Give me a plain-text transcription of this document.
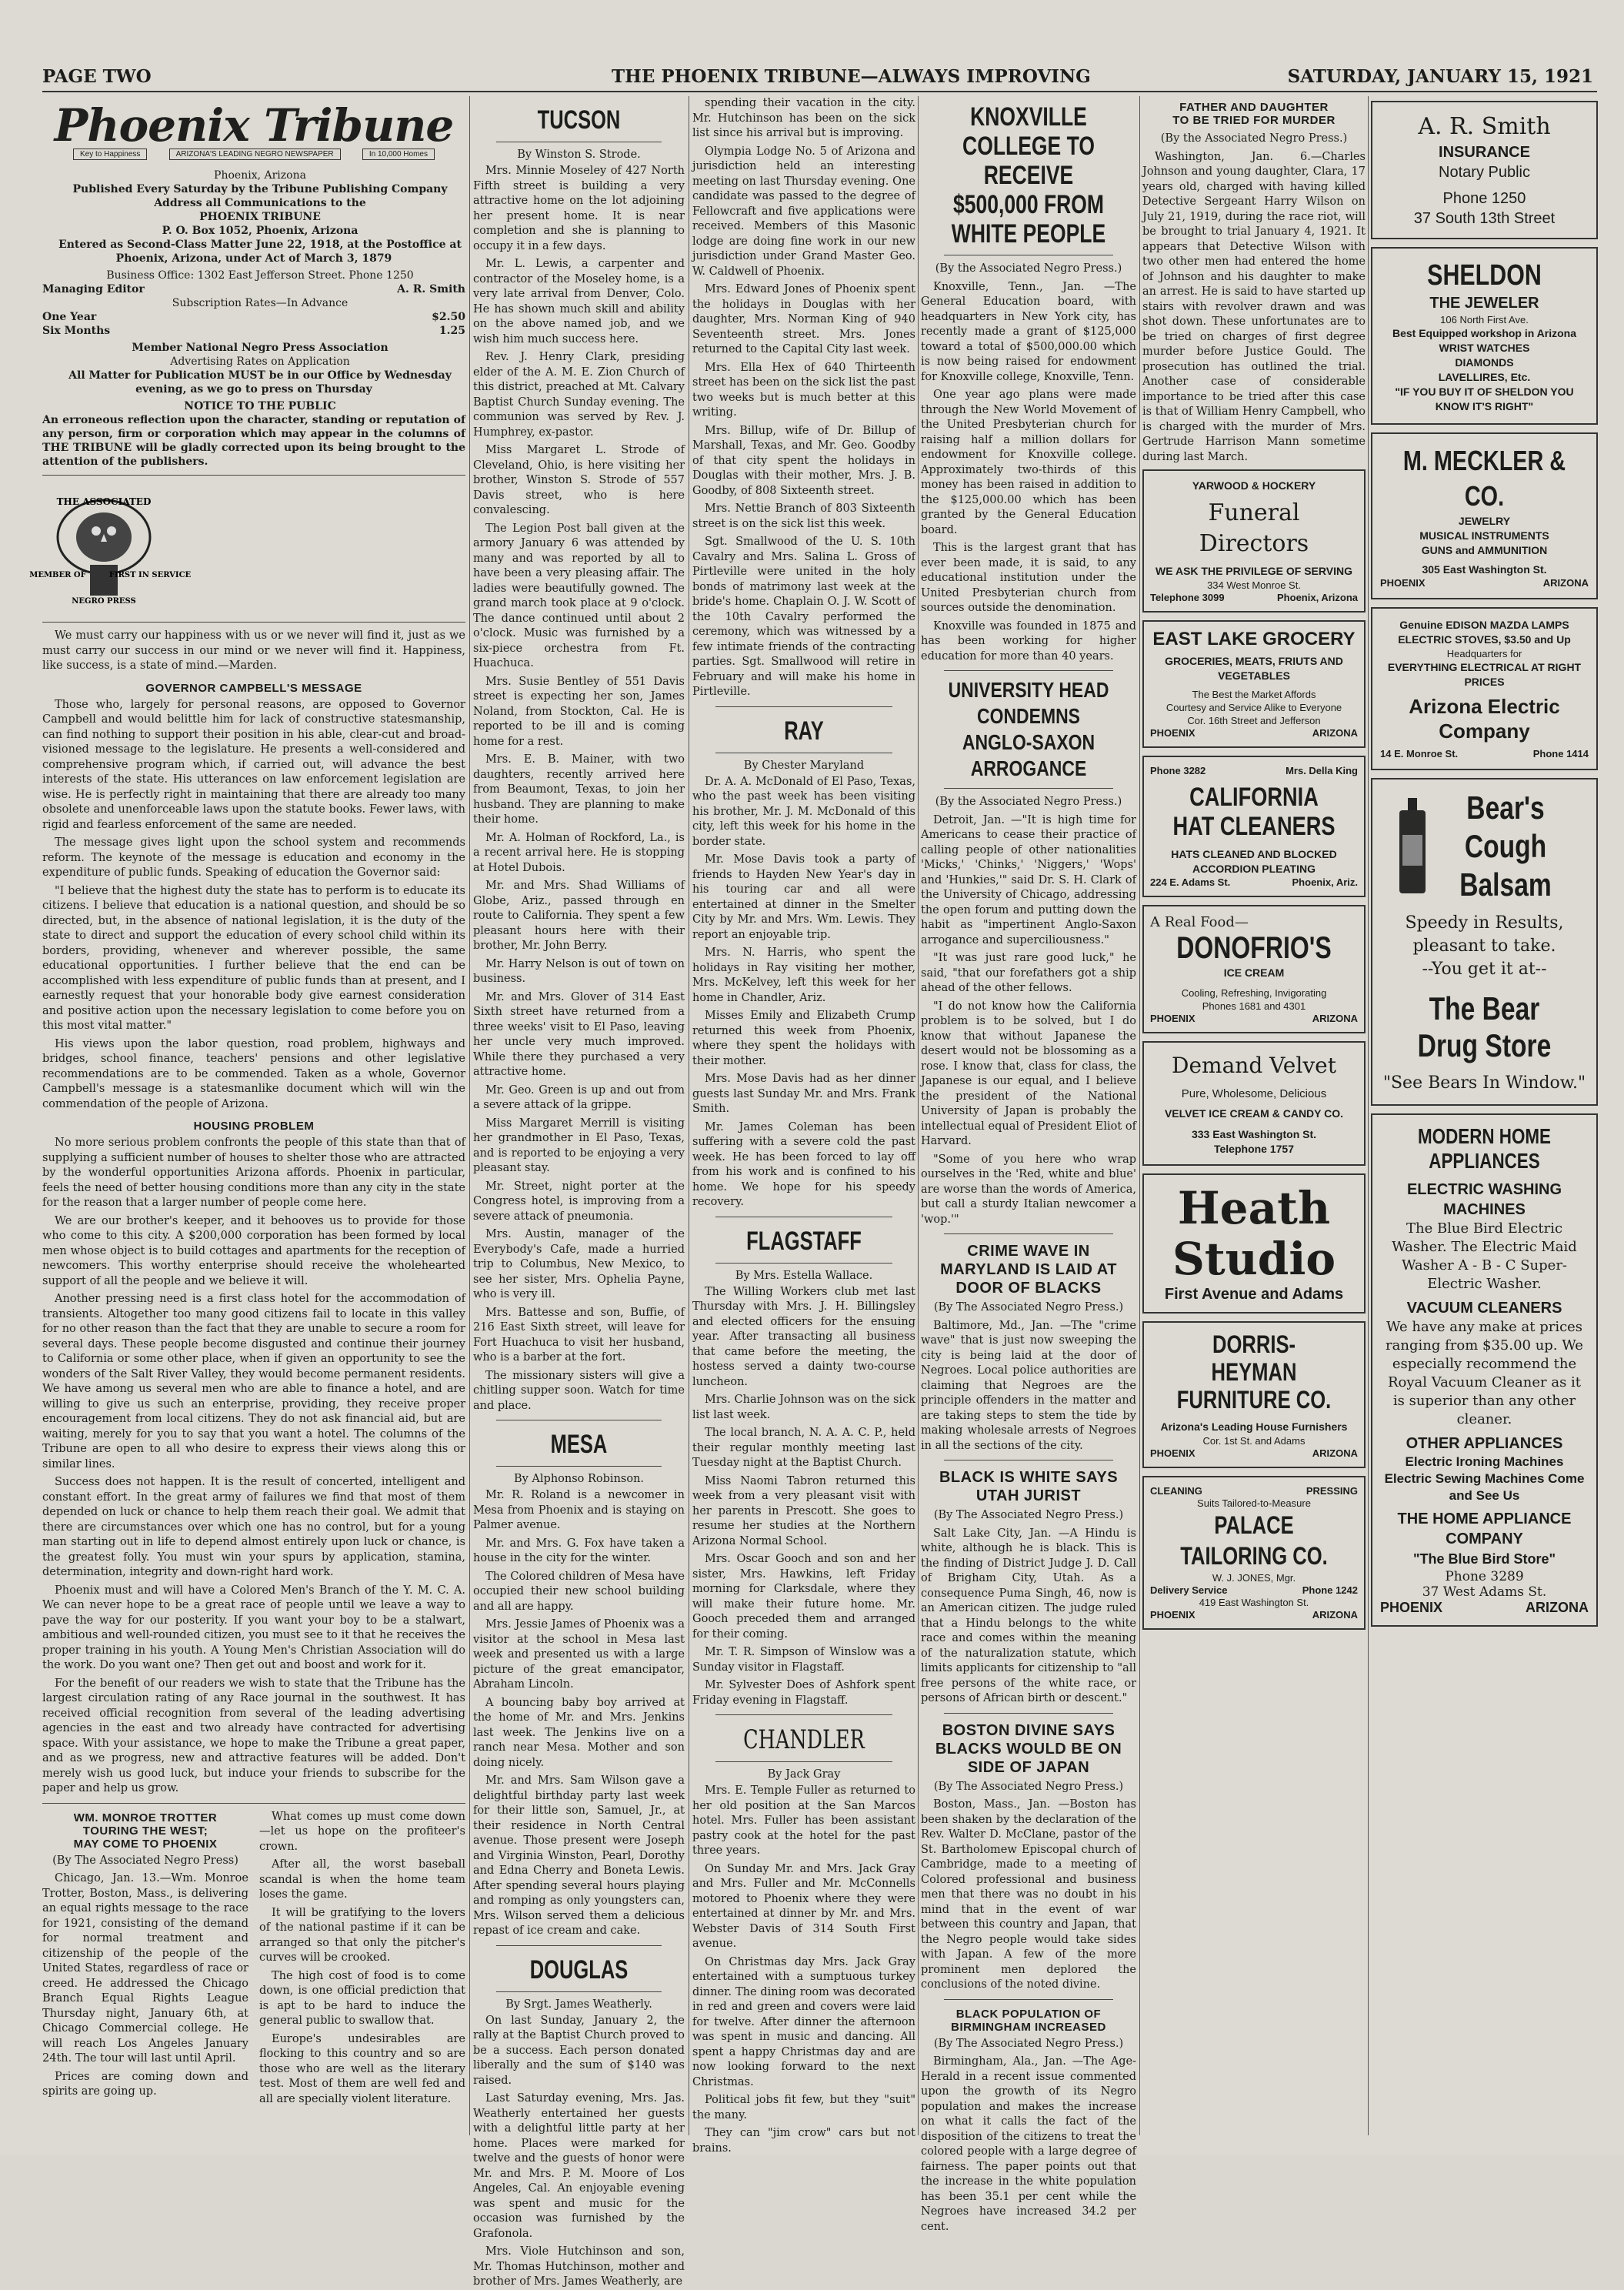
PAGE TWO	THE PHOENIX TRIBUNE—ALWAYS IMPROVING	SATURDAY, JANUARY 15, 1921
Phoenix Tribune
Key to Happiness	ARIZONA'S LEADING NEGRO NEWSPAPER	In 10,000 Homes

Phoenix, Arizona

Published Every Saturday by the Tribune Publishing Company

Address all Communications to the

PHOENIX TRIBUNE

P. O. Box 1052, Phoenix, Arizona

Entered as Second-Class Matter June 22, 1918, at the Postoffice at Phoenix, Arizona, under Act of March 3, 1879

Business Office: 1302 East Jefferson Street. Phone 1250

Managing Editor	A. R. Smith

Subscription Rates—In Advance

One Year	$2.50
Six Months	1.25

Member National Negro Press Association

Advertising Rates on Application

All Matter for Publication MUST be in our Office by Wednesday evening, as we go to press on Thursday

NOTICE TO THE PUBLIC

An erroneous reflection upon the character, standing or reputation of any person, firm or corporation which may appear in the columns of THE TRIBUNE will be gladly corrected upon its being brought to the attention of the publishers.

THE ASSOCIATED
MEMBER OF	FIRST IN SERVICE
NEGRO PRESS

We must carry our happiness with us or we never will find it, just as we must carry our success in our mind or we never will find it. Happiness, like success, is a state of mind.—Marden.

GOVERNOR CAMPBELL'S MESSAGE

Those who, largely for personal reasons, are opposed to Governor Campbell and would belittle him for lack of constructive statesmanship, can find nothing to support their position in his able, clear-cut and broad-visioned message to the legislature. He presents a well-considered and comprehensive program which, if carried out, will advance the best interests of the state. His utterances on law enforcement legislation are wise. He is perfectly right in maintaining that there are already too many obsolete and unenforceable laws upon the statute books. Fewer laws, with rigid and fearless enforcement of the same are needed.

The message gives light upon the school system and recommends reform. The keynote of the message is education and economy in the expenditure of public funds. Speaking of education the Governor said:

"I believe that the highest duty the state has to perform is to educate its citizens. I believe that education is a national question, and should be so directed, but, in the absence of national legislation, it is the duty of the state to direct and support the education of every school child within its borders, providing, whenever and wherever possible, the same educational opportunities. I further believe that the end can be accomplished with less expenditure of public funds than at present, and I earnestly request that your honorable body give earnest consideration and positive action upon the necessary legislation to come before you on this most vital matter."

His views upon the labor question, road problem, highways and bridges, school finance, teachers' pensions and other legislative recommendations are to be commended. Taken as a whole, Governor Campbell's message is a statesmanlike document which will win the commendation of the people of Arizona.

HOUSING PROBLEM

No more serious problem confronts the people of this state than that of supplying a sufficient number of houses to shelter those who are attracted by the wonderful opportunities Arizona affords. Phoenix in particular, feels the need of better housing conditions more than any city in the state for the reason that a larger number of people come here.

We are our brother's keeper, and it behooves us to provide for those who come to this city. A $200,000 corporation has been formed by local men whose object is to build cottages and apartments for the reception of newcomers. This worthy enterprise should receive the wholehearted support of all the people and we believe it will.

Another pressing need is a first class hotel for the accommodation of transients. Altogether too many good citizens fail to locate in this valley for no other reason than the fact that they are unable to secure a room for several days. These people become disgusted and continue their journey to California or some other place, when if given an opportunity to see the wonders of the Salt River Valley, they would become permanent residents. We have among us several men who are able to finance a hotel, and are willing to give us such an enterprise, providing, they receive proper encouragement from local citizens. They do not ask financial aid, but are waiting, merely for you to say that you want a hotel. The columns of the Tribune are open to all who desire to express their views along this or similar lines.

Success does not happen. It is the result of concerted, intelligent and constant effort. In the great army of failures we find that most of them depended on luck or chance to help them reach their goal. We admit that there are circumstances over which one has no control, but for a young man starting out in life to depend almost entirely upon luck or chance, is the greatest folly. You must win your spurs by application, stamina, determination, integrity and down-right hard work.

Phoenix must and will have a Colored Men's Branch of the Y. M. C. A. We can never hope to be a great race of people until we leave a way to pave the way for our posterity. If you want your boy to be a stalwart, ambitious and well-rounded citizen, you must see to it that he receives the proper training in his youth. A Young Men's Christian Association will do the work. Do you want one? Then get out and boost and work for it.

For the benefit of our readers we wish to state that the Tribune has the largest circulation rating of any Race journal in the southwest. It has received official recognition from several of the leading advertising agencies in the east and two already have contracted for advertising space. With your assistance, we hope to make the Tribune a great paper, and as we progress, new and attractive features will be added. Don't merely wish us good luck, but induce your friends to subscribe for the paper and help us grow.

WM. MONROE TROTTER
TOURING THE WEST;
MAY COME TO PHOENIX

(By The Associated Negro Press)

Chicago, Jan. 13.—Wm. Monroe Trotter, Boston, Mass., is delivering an equal rights message to the race for 1921, consisting of the demand for normal treatment and citizenship of the people of the United States, regardless of race or creed. He addressed the Chicago Branch Equal Rights League Thursday night, January 6th, at Chicago Commercial college. He will reach Los Angeles January 24th. The tour will last until April.

Prices are coming down and spirits are going up.

What comes up must come down—let us hope on the profiteer's crown.

After all, the worst baseball scandal is when the home team loses the game.

It will be gratifying to the lovers of the national pastime if it can be arranged so that only the pitcher's curves will be crooked.

The high cost of food is to come down, is one official prediction that is apt to be hard to induce the general public to swallow that.

Europe's undesirables are flocking to this country and so are those who are well as the literary test. Most of them are well fed and all are specially violent literature.

TUCSON
By Winston S. Strode.

Mrs. Minnie Moseley of 427 North Fifth street is building a very attractive home on the lot adjoining her present home. It is near completion and she is planning to occupy it in a few days.

Mr. L. Lewis, a carpenter and contractor of the Moseley home, is a very late arrival from Denver, Colo. He has shown much skill and ability on the above named job, and we wish him much success here.

Rev. J. Henry Clark, presiding elder of the A. M. E. Zion Church of this district, preached at Mt. Calvary Baptist Church Sunday evening. The communion was served by Rev. J. Humphrey, ex-pastor.

Miss Margaret L. Strode of Cleveland, Ohio, is here visiting her brother, Winston S. Strode of 557 Davis street, who is here convalescing.

The Legion Post ball given at the armory January 6 was attended by many and was reported by all to have been a very pleasing affair. The ladies were beautifully gowned. The grand march took place at 9 o'clock. The dance continued until about 2 o'clock. Music was furnished by a six-piece orchestra from Ft. Huachuca.

Mrs. Susie Bentley of 551 Davis street is expecting her son, James Noland, from Stockton, Cal. He is reported to be ill and is coming home for a rest.

Mrs. E. B. Mainer, with two daughters, recently arrived here from Beaumont, Texas, to join her husband. They are planning to make their home.

Mr. A. Holman of Rockford, La., is a recent arrival here. He is stopping at Hotel Dubois.

Mr. and Mrs. Shad Williams of Globe, Ariz., passed through en route to California. They spent a few pleasant hours here with their brother, Mr. John Berry.

Mr. Harry Nelson is out of town on business.

Mr. and Mrs. Glover of 314 East Sixth street have returned from a three weeks' visit to El Paso, leaving her uncle very much improved. While there they purchased a very attractive home.

Mr. Geo. Green is up and out from a severe attack of la grippe.

Miss Margaret Merrill is visiting her grandmother in El Paso, Texas, and is reported to be enjoying a very pleasant stay.

Mr. Street, night porter at the Congress hotel, is improving from a severe attack of pneumonia.

Mrs. Austin, manager of the Everybody's Cafe, made a hurried trip to Columbus, New Mexico, to see her sister, Mrs. Ophelia Payne, who is very ill.

Mrs. Battesse and son, Buffie, of 216 East Sixth street, will leave for Fort Huachuca to visit her husband, who is a barber at the fort.

The missionary sisters will give a chitling supper soon. Watch for time and place.

MESA
By Alphonso Robinson.

Mr. R. Roland is a newcomer in Mesa from Phoenix and is staying on Palmer avenue.

Mr. and Mrs. G. Fox have taken a house in the city for the winter.

The Colored children of Mesa have occupied their new school building and all are happy.

Mrs. Jessie James of Phoenix was a visitor at the school in Mesa last week and presented us with a large picture of the great emancipator, Abraham Lincoln.

A bouncing baby boy arrived at the home of Mr. and Mrs. Jenkins last week. The Jenkins live on a ranch near Mesa. Mother and son doing nicely.

Mr. and Mrs. Sam Wilson gave a delightful birthday party last week for their little son, Samuel, Jr., at their residence in North Central avenue. Those present were Joseph and Virginia Winston, Pearl, Dorothy and Edna Cherry and Boneta Lewis. After spending several hours playing and romping as only youngsters can, Mrs. Wilson served them a delicious repast of ice cream and cake.

DOUGLAS
By Srgt. James Weatherly.

On last Sunday, January 2, the rally at the Baptist Church proved to be a success. Each person donated liberally and the sum of $140 was raised.

Last Saturday evening, Mrs. Jas. Weatherly entertained her guests with a delightful little party at her home. Places were marked for twelve and the guests of honor were Mr. and Mrs. P. M. Moore of Los Angeles, Cal. An enjoyable evening was spent and music for the occasion was furnished by the Grafonola.

Mrs. Viole Hutchinson and son, Mr. Thomas Hutchinson, mother and brother of Mrs. James Weatherly, are

spending their vacation in the city. Mr. Hutchinson has been on the sick list since his arrival but is improving.

Olympia Lodge No. 5 of Arizona and jurisdiction held an interesting meeting on last Thursday evening. One candidate was passed to the degree of Fellowcraft and five applications were received. Members of this Masonic lodge are doing fine work in our new jurisdiction under Grand Master Geo. W. Caldwell of Phoenix.

Mrs. Edward Jones of Phoenix spent the holidays in Douglas with her daughter, Mrs. Norman King of 940 Seventeenth street. Mrs. Jones returned to the Capital City last week.

Mrs. Ella Hex of 640 Thirteenth street has been on the sick list the past two weeks but is much better at this writing.

Mrs. Billup, wife of Dr. Billup of Marshall, Texas, and Mr. Geo. Goodby of that city spent the holidays in Douglas with their mother, Mrs. J. B. Goodby, of 808 Sixteenth street.

Mrs. Nettie Branch of 803 Sixteenth street is on the sick list this week.

Sgt. Smallwood of the U. S. 10th Cavalry and Mrs. Salina L. Gross of Pirtleville were united in the holy bonds of matrimony last week at the bride's home. Chaplain O. J. W. Scott of the 10th Cavalry performed the ceremony, which was witnessed by a few intimate friends of the contracting parties. Sgt. Smallwood will retire in February and will make his home in Pirtleville.

RAY
By Chester Maryland

Dr. A. A. McDonald of El Paso, Texas, who the past week has been visiting his brother, Mr. J. M. McDonald of this city, left this week for his home in the border state.

Mr. Mose Davis took a party of friends to Hayden New Year's day in his touring car and all were entertained at dinner in the Smelter City by Mr. and Mrs. Wm. Lewis. They report an enjoyable trip.

Mrs. N. Harris, who spent the holidays in Ray visiting her mother, Mrs. McKelvey, left this week for her home in Chandler, Ariz.

Misses Emily and Elizabeth Crump returned this week from Phoenix, where they spent the holidays with their mother.

Mrs. Mose Davis had as her dinner guests last Sunday Mr. and Mrs. Frank Smith.

Mr. James Coleman has been suffering with a severe cold the past week. He has been forced to lay off from his work and is confined to his home. We hope for his speedy recovery.

FLAGSTAFF
By Mrs. Estella Wallace.

The Willing Workers club met last Thursday with Mrs. J. H. Billingsley and elected officers for the ensuing year. After transacting all business that came before the meeting, the hostess served a dainty two-course luncheon.

Mrs. Charlie Johnson was on the sick list last week.

The local branch, N. A. A. C. P., held their regular monthly meeting last Tuesday night at the Baptist Church.

Miss Naomi Tabron returned this week from a very pleasant visit with her parents in Prescott. She goes to resume her studies at the Northern Arizona Normal School.

Mrs. Oscar Gooch and son and her sister, Mrs. Hawkins, left Friday morning for Clarksdale, where they will make their future home. Mr. Gooch preceded them and arranged for their coming.

Mr. T. R. Simpson of Winslow was a Sunday visitor in Flagstaff.

Mr. Sylvester Does of Ashfork spent Friday evening in Flagstaff.

CHANDLER
By Jack Gray

Mrs. E. Temple Fuller as returned to her old position at the San Marcos hotel. Mrs. Fuller has been assistant pastry cook at the hotel for the past three years.

On Sunday Mr. and Mrs. Jack Gray and Mrs. Fuller and Mr. McConnells motored to Phoenix where they were entertained at dinner by Mr. and Mrs. Webster Davis of 314 South First avenue.

On Christmas day Mrs. Jack Gray entertained with a sumptuous turkey dinner. The dining room was decorated in red and green and covers were laid for twelve. After dinner the afternoon was spent in music and dancing. All spent a happy Christmas day and are now looking forward to the next Christmas.

Political jobs fit few, but they "suit" the many.

They can "jim crow" cars but not brains.

KNOXVILLE COLLEGE TO RECEIVE $500,000 FROM WHITE PEOPLE

(By the Associated Negro Press.)

Knoxville, Tenn., Jan. —The General Education board, with headquarters in New York city, has recently made a grant of $125,000 toward a total of $500,000.00 which is now being raised for endowment for Knoxville college, Knoxville, Tenn.

One year ago plans were made through the New World Movement of the United Presbyterian church for raising half a million dollars for endowment for Knoxville college. Approximately two-thirds of this money has been raised in addition to the $125,000.00 which has been granted by the General Education board.

This is the largest grant that has ever been made, it is said, to any educational institution under the United Presbyterian church from sources outside the denomination.

Knoxville was founded in 1875 and has been working for higher education for more than 40 years.

UNIVERSITY HEAD CONDEMNS ANGLO-SAXON ARROGANCE

(By the Associated Negro Press.)

Detroit, Jan. —"It is high time for Americans to cease their practice of calling people of other nationalities 'Micks,' 'Chinks,' 'Niggers,' 'Wops' and 'Hunkies,'" said Dr. S. H. Clark of the University of Chicago, addressing the open forum and putting down the habit as "impertinent Anglo-Saxon arrogance and superciliousness."

"It was just rare good luck," he said, "that our forefathers got a ship ahead of the other fellows.

"I do not know how the California problem is to be solved, but I do know that without Japanese the desert would not be blossoming as a rose. I know that, class for class, the Japanese is our equal, and I believe the president of the National University of Japan is probably the intellectual equal of President Eliot of Harvard.

"Some of you here who wrap ourselves in the 'Red, white and blue' are worse than the words of America, but call a sturdy Italian newcomer a 'wop.'"

CRIME WAVE IN MARYLAND IS LAID AT DOOR OF BLACKS

(By The Associated Negro Press.)

Baltimore, Md., Jan. —The "crime wave" that is just now sweeping the city is being laid at the door of Negroes. Local police authorities are claiming that Negroes are the principle offenders in the matter and are taking steps to stem the tide by making wholesale arrests of Negroes in all the sections of the city.

BLACK IS WHITE SAYS UTAH JURIST

(By The Associated Negro Press.)

Salt Lake City, Jan. —A Hindu is white, although he is black. This is the finding of District Judge J. D. Call of Brigham City, Utah. As a consequence Puma Singh, 46, now is an American citizen. The judge ruled that a Hindu belongs to the white race and comes within the meaning of the naturalization statute, which limits applicants for citizenship to "all free persons of the white race, or persons of African birth or descent."

BOSTON DIVINE SAYS BLACKS WOULD BE ON SIDE OF JAPAN

(By The Associated Negro Press.)

Boston, Mass., Jan. —Boston has been shaken by the declaration of the Rev. Walter D. McClane, pastor of the St. Bartholomew Episcopal church of Cambridge, made to a meeting of Colored professional and business men that there was no doubt in his mind that in the event of war between this country and Japan, that the Negro people would take sides with Japan. A few of the more prominent men deplored the conclusions of the noted divine.

BLACK POPULATION OF BIRMINGHAM INCREASED

(By The Associated Negro Press.)

Birmingham, Ala., Jan. —The Age-Herald in a recent issue commented upon the growth of its Negro population and makes the increase on what it calls the fact of the disposition of the citizens to treat the colored people with a large degree of fairness. The paper points out that the increase in the white population has been 35.1 per cent while the Negroes have increased 34.2 per cent.

FATHER AND DAUGHTER
TO BE TRIED FOR MURDER

(By the Associated Negro Press.)

Washington, Jan. 6.—Charles Johnson and young daughter, Clara, 17 years old, charged with having killed Detective Sergeant Harry Wilson on July 21, 1919, during the race riot, will be brought to trial January 4, 1921. It appears that Detective Wilson with two other men had entered the home of Johnson and his daughter to make an arrest. He is said to have started up stairs with revolver drawn and was shot down. These unfortunates are to be tried on charges of first degree murder before Justice Gould. The prosecution has outlined the trial. Another case of considerable importance to be tried after this case is that of William Henry Campbell, who is charged with the murder of Mrs. Gertrude Harrison Mann sometime during last March.

YARWOOD & HOCKERY
Funeral Directors
WE ASK THE PRIVILEGE OF SERVING
334 West Monroe St.
Telephone 3099	Phoenix, Arizona
EAST LAKE GROCERY
GROCERIES, MEATS, FRIUTS AND VEGETABLES
The Best the Market Affords
Courtesy and Service Alike to Everyone
Cor. 16th Street and Jefferson
PHOENIX	ARIZONA
Phone 3282	Mrs. Della King
CALIFORNIA HAT CLEANERS
HATS CLEANED AND BLOCKED
ACCORDION PLEATING
224 E. Adams St.	Phoenix, Ariz.
A Real Food—
DONOFRIO'S
ICE CREAM
Cooling, Refreshing, Invigorating
Phones 1681 and 4301
PHOENIX	ARIZONA
Demand Velvet
Pure, Wholesome, Delicious
VELVET ICE CREAM & CANDY CO.
333 East Washington St.
Telephone 1757
Heath Studio
First Avenue and Adams
DORRIS-HEYMAN FURNITURE CO.
Arizona's Leading House Furnishers
Cor. 1st St. and Adams
PHOENIX	ARIZONA
CLEANING	PRESSING
Suits Tailored-to-Measure
PALACE TAILORING CO.
W. J. JONES, Mgr.
Delivery Service	Phone 1242
419 East Washington St.
PHOENIX	ARIZONA
A. R. Smith
INSURANCE
Notary Public
Phone 1250
37 South 13th Street
SHELDON
THE JEWELER
106 North First Ave.
Best Equipped workshop in Arizona
WRIST WATCHES
DIAMONDS
LAVELLIRES, Etc.
"IF YOU BUY IT OF SHELDON YOU KNOW IT'S RIGHT"
M. MECKLER & CO.
JEWELRY
MUSICAL INSTRUMENTS
GUNS and AMMUNITION
305 East Washington St.
PHOENIX	ARIZONA
Genuine EDISON MAZDA LAMPS
ELECTRIC STOVES, $3.50 and Up
Headquarters for
EVERYTHING ELECTRICAL AT RIGHT PRICES
Arizona Electric Company
14 E. Monroe St.	Phone 1414
Bear's Cough Balsam
Speedy in Results, pleasant to take.
--You get it at--
The Bear Drug Store
"See Bears In Window."
MODERN HOME APPLIANCES
ELECTRIC WASHING MACHINES
The Blue Bird Electric Washer. The Electric Maid Washer A - B - C Super-Electric Washer.
VACUUM CLEANERS
We have any make at prices ranging from $35.00 up. We especially recommend the Royal Vacuum Cleaner as it is superior than any other cleaner.
OTHER APPLIANCES
Electric Ironing Machines Electric Sewing Machines Come and See Us
THE HOME APPLIANCE COMPANY
"The Blue Bird Store"
Phone 3289
37 West Adams St.
PHOENIX	ARIZONA
